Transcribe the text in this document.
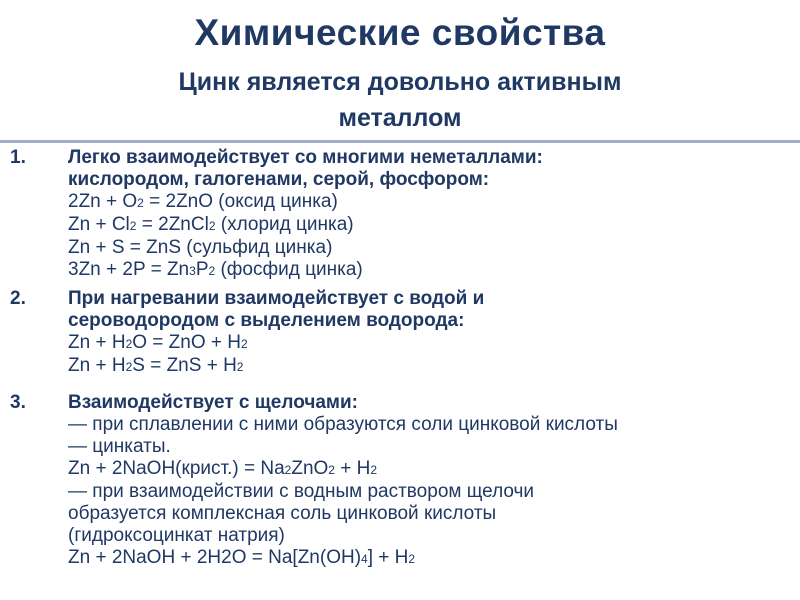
Химические свойства
Цинк является довольно активным
металлом
1. Легко взаимодействует со многими неметаллами:
кислородом, галогенами, серой, фосфором:
2Zn + O2 = 2ZnO (оксид цинка)
Zn + Cl2 = 2ZnCl2 (хлорид цинка)
Zn + S = ZnS (сульфид цинка)
3Zn + 2P = Zn3P2 (фосфид цинка)
2. При нагревании взаимодействует с водой и
сероводородом с выделением водорода:
Zn + H2O = ZnO + H2
Zn + H2S = ZnS + H2
3. Взаимодействует с щелочами:
— при сплавлении с ними образуются соли цинковой кислоты
— цинкаты.
Zn + 2NaOH(крист.) = Na2ZnO2 + H2
— при взаимодействии с водным раствором щелочи
образуется комплексная соль цинковой кислоты
(гидроксоцинкат натрия)
Zn + 2NaOH + 2H2O = Na[Zn(OH)4] + H2
